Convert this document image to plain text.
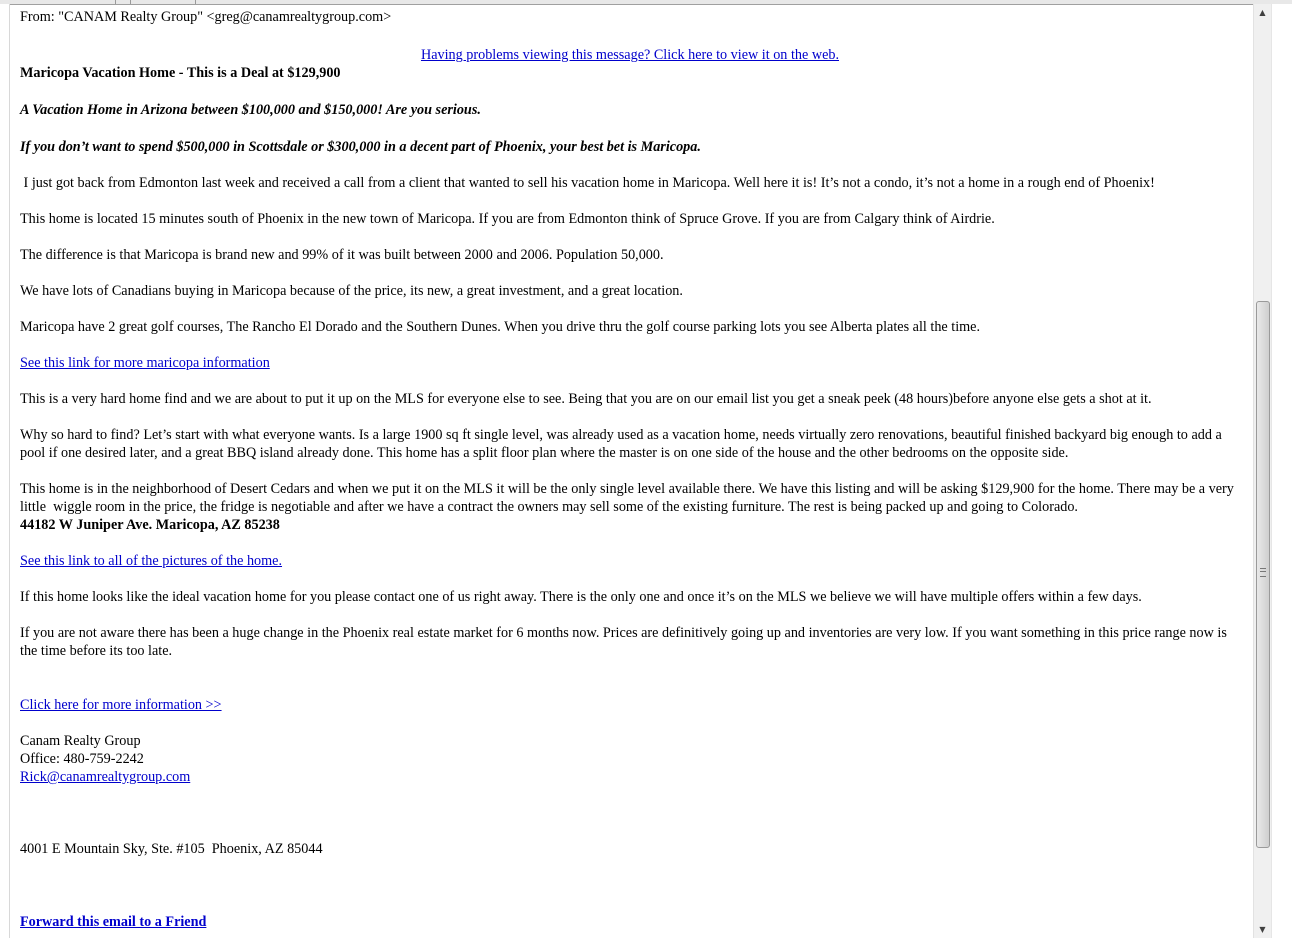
From: "CANAM Realty Group" <greg@canamrealtygroup.com>

Having problems viewing this message? Click here to view it on the web.

Maricopa Vacation Home - This is a Deal at $129,900

A Vacation Home in Arizona between $100,000 and $150,000! Are you serious.

If you don’t want to spend $500,000 in Scottsdale or $300,000 in a decent part of Phoenix, your best bet is Maricopa.

I just got back from Edmonton last week and received a call from a client that wanted to sell his vacation home in Maricopa. Well here it is! It’s not a condo, it’s not a home in a rough end of Phoenix!

This home is located 15 minutes south of Phoenix in the new town of Maricopa. If you are from Edmonton think of Spruce Grove. If you are from Calgary think of Airdrie.

The difference is that Maricopa is brand new and 99% of it was built between 2000 and 2006. Population 50,000.

We have lots of Canadians buying in Maricopa because of the price, its new, a great investment, and a great location.

Maricopa have 2 great golf courses, The Rancho El Dorado and the Southern Dunes. When you drive thru the golf course parking lots you see Alberta plates all the time.

See this link for more maricopa information

This is a very hard home find and we are about to put it up on the MLS for everyone else to see. Being that you are on our email list you get a sneak peek (48 hours)before anyone else gets a shot at it.

Why so hard to find? Let’s start with what everyone wants. Is a large 1900 sq ft single level, was already used as a vacation home, needs virtually zero renovations, beautiful finished backyard big enough to add a pool if one desired later, and a great BBQ island already done. This home has a split floor plan where the master is on one side of the house and the other bedrooms on the opposite side.

This home is in the neighborhood of Desert Cedars and when we put it on the MLS it will be the only single level available there. We have this listing and will be asking $129,900 for the home. There may be a very little  wiggle room in the price, the fridge is negotiable and after we have a contract the owners may sell some of the existing furniture. The rest is being packed up and going to Colorado.

44182 W Juniper Ave. Maricopa, AZ 85238

See this link to all of the pictures of the home.

If this home looks like the ideal vacation home for you please contact one of us right away. There is the only one and once it’s on the MLS we believe we will have multiple offers within a few days.

If you are not aware there has been a huge change in the Phoenix real estate market for 6 months now. Prices are definitively going up and inventories are very low. If you want something in this price range now is the time before its too late.

Click here for more information >>

Canam Realty Group

Office: 480-759-2242

Rick@canamrealtygroup.com

4001 E Mountain Sky, Ste. #105  Phoenix, AZ 85044

Forward this email to a Friend

▲
▼
